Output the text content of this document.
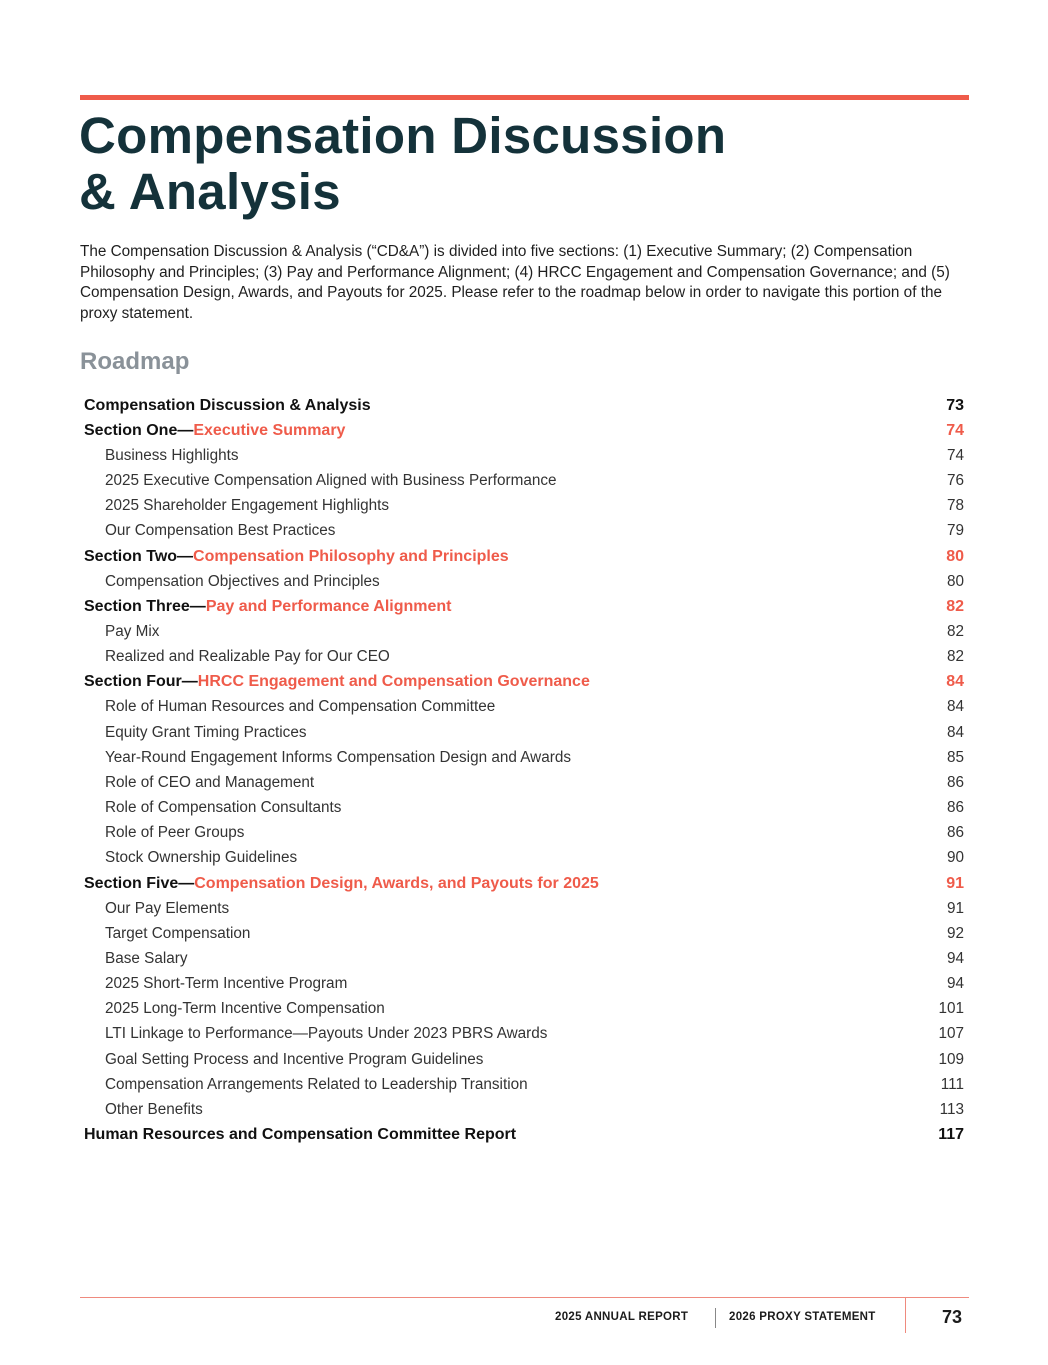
Compensation Discussion
& Analysis

The Compensation Discussion & Analysis (“CD&A”) is divided into five sections: (1) Executive Summary; (2) Compensation Philosophy and Principles; (3) Pay and Performance Alignment; (4) HRCC Engagement and Compensation Governance; and (5) Compensation Design, Awards, and Payouts for 2025. Please refer to the roadmap below in order to navigate this portion of the proxy statement.

Roadmap
Compensation Discussion & Analysis	73
Section One—Executive Summary	74
Business Highlights	74
2025 Executive Compensation Aligned with Business Performance	76
2025 Shareholder Engagement Highlights	78
Our Compensation Best Practices	79
Section Two—Compensation Philosophy and Principles	80
Compensation Objectives and Principles	80
Section Three—Pay and Performance Alignment	82
Pay Mix	82
Realized and Realizable Pay for Our CEO	82
Section Four—HRCC Engagement and Compensation Governance	84
Role of Human Resources and Compensation Committee	84
Equity Grant Timing Practices	84
Year-Round Engagement Informs Compensation Design and Awards	85
Role of CEO and Management	86
Role of Compensation Consultants	86
Role of Peer Groups	86
Stock Ownership Guidelines	90
Section Five—Compensation Design, Awards, and Payouts for 2025	91
Our Pay Elements	91
Target Compensation	92
Base Salary	94
2025 Short-Term Incentive Program	94
2025 Long-Term Incentive Compensation	101
LTI Linkage to Performance—Payouts Under 2023 PBRS Awards	107
Goal Setting Process and Incentive Program Guidelines	109
Compensation Arrangements Related to Leadership Transition	111
Other Benefits	113
Human Resources and Compensation Committee Report	117
2025 ANNUAL REPORT	2026 PROXY STATEMENT	73
